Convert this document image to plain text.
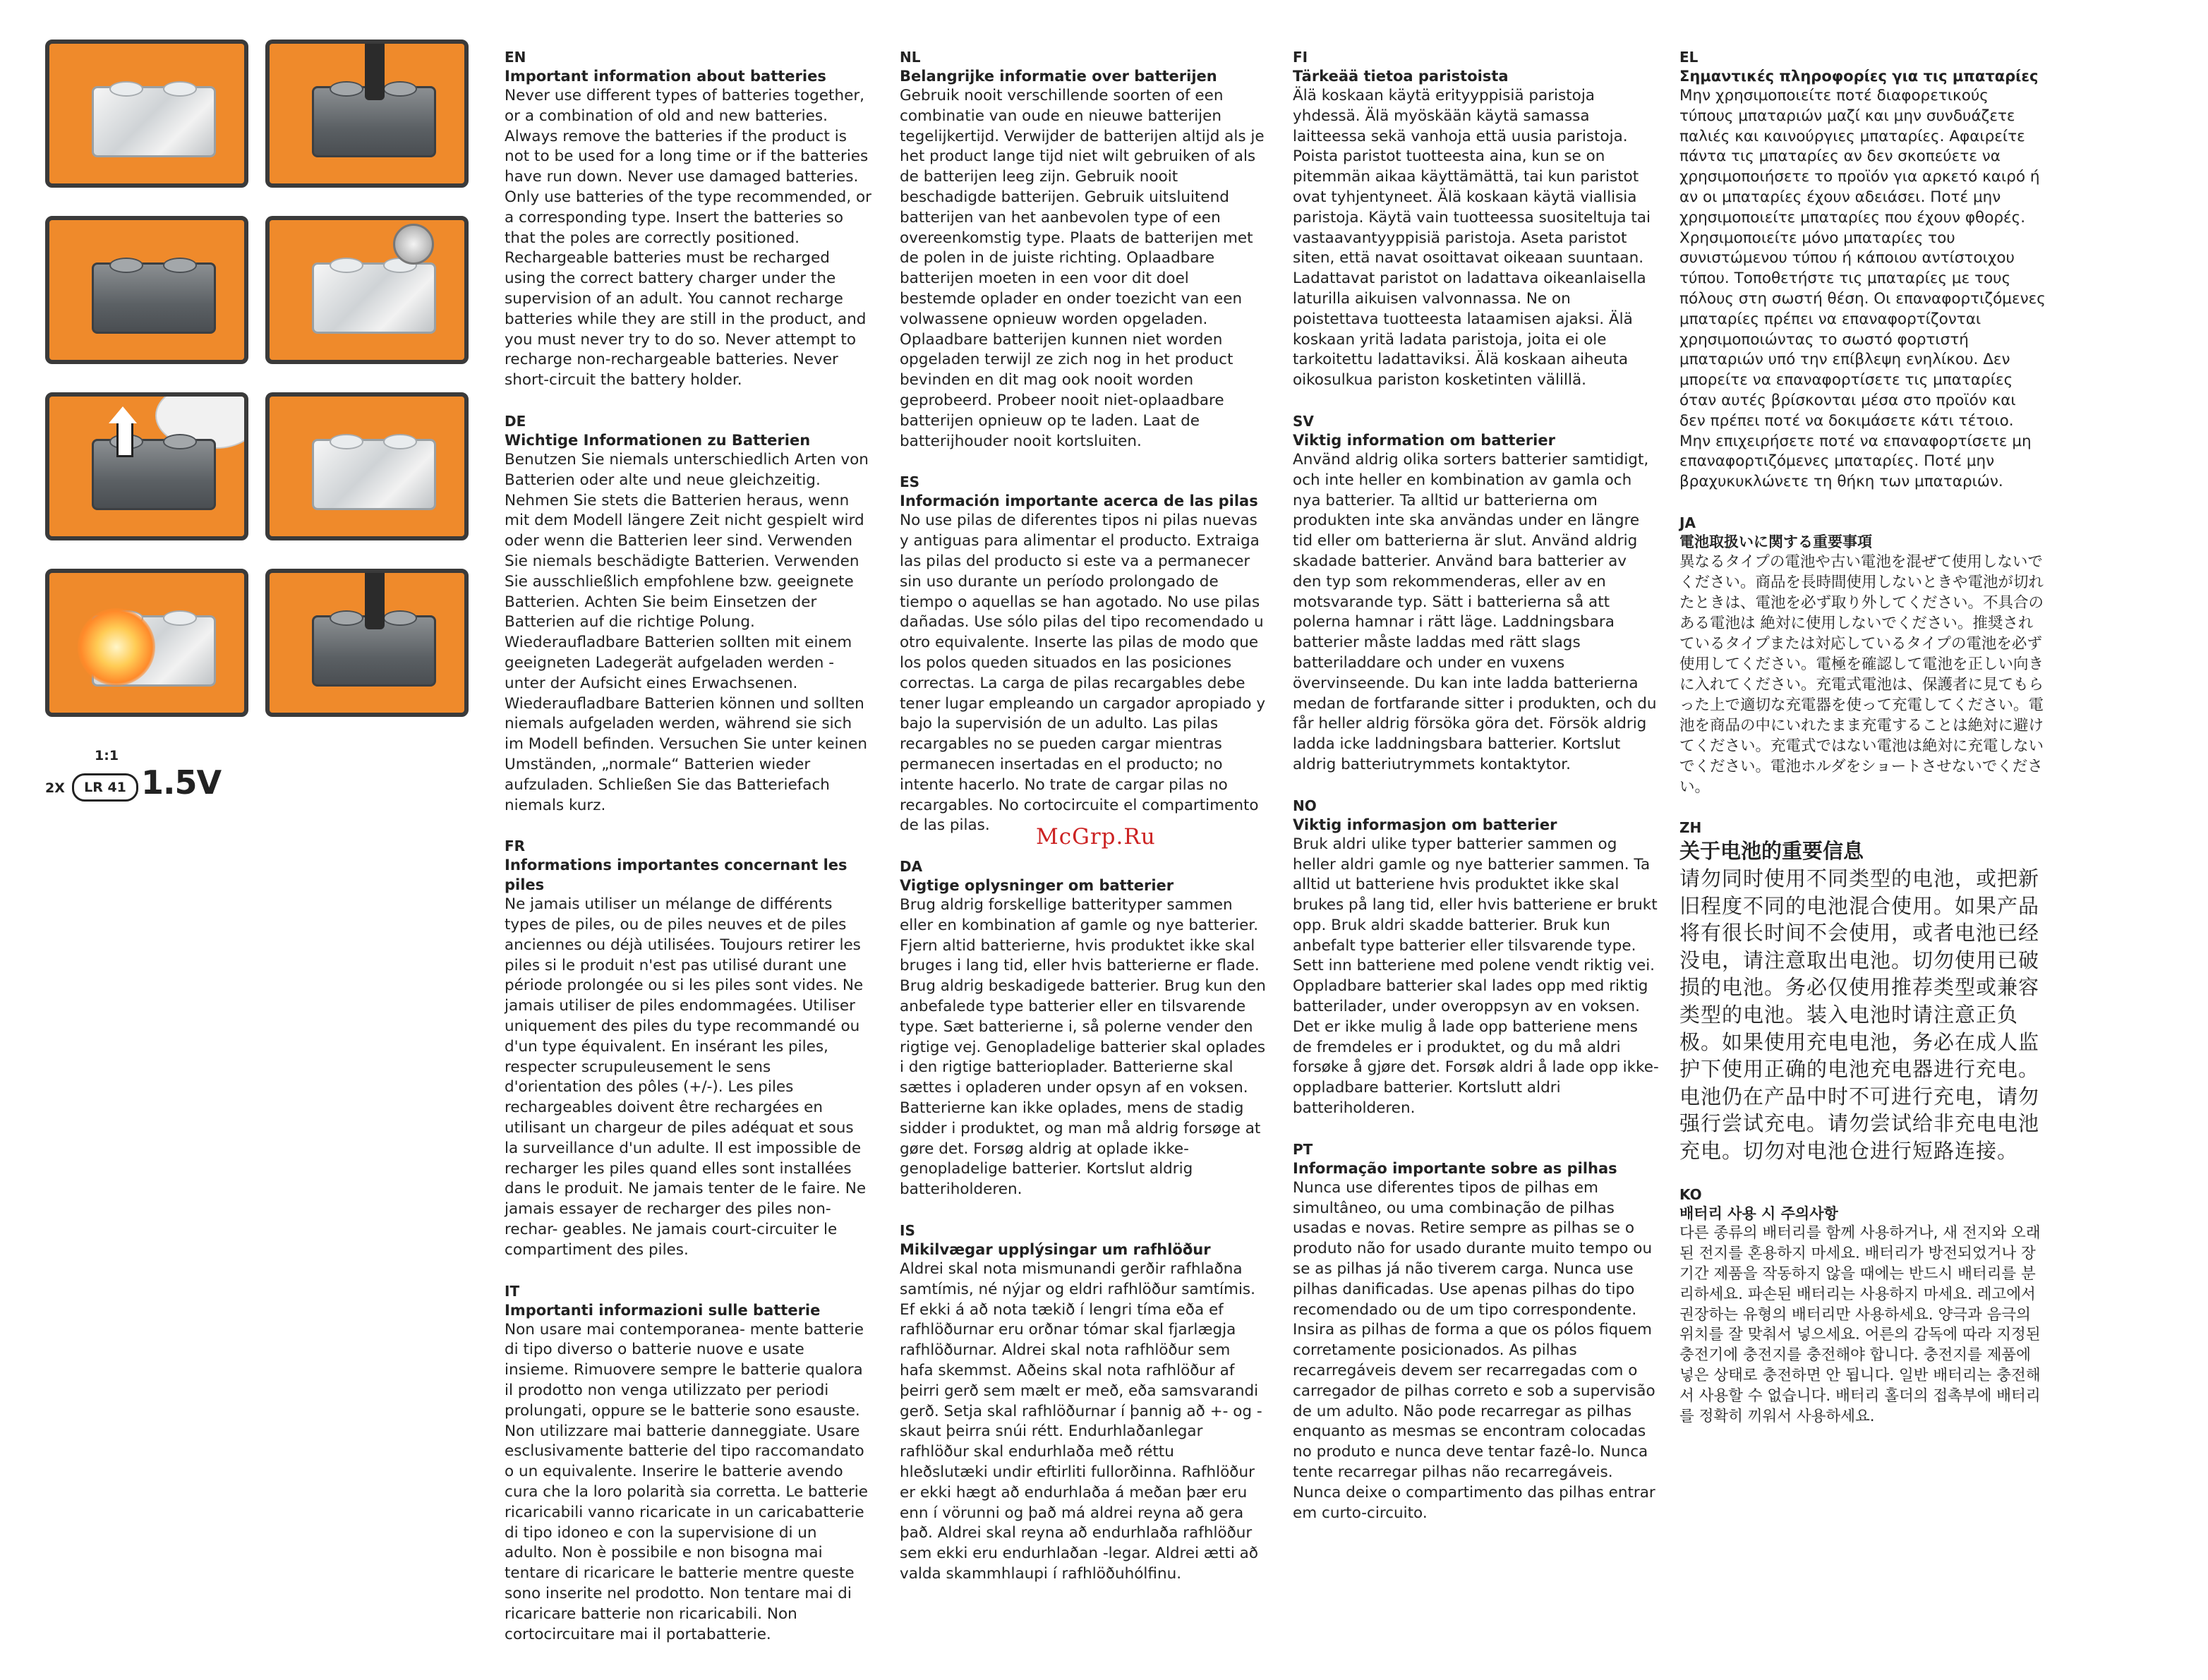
1:1
2X	LR 41 1.5V
EN
Important information about batteries

Never use different types of batteries together, or a combination of old and new batteries. Always remove the batteries if the product is not to be used for a long time or if the batteries have run down. Never use damaged batteries. Only use batteries of the type recommended, or a corresponding type. Insert the batteries so that the poles are correctly positioned. Rechargeable batteries must be recharged using the correct battery charger under the supervision of an adult. You cannot recharge batteries while they are still in the product, and you must never try to do so. Never attempt to recharge non-rechargeable batteries. Never short-circuit the battery holder.

DE
Wichtige Informationen zu Batterien

Benutzen Sie niemals unterschiedlich Arten von Batterien oder alte und neue gleichzeitig. Nehmen Sie stets die Batterien heraus, wenn mit dem Modell längere Zeit nicht gespielt wird oder wenn die Batterien leer sind. Verwenden Sie niemals beschädigte Batterien. Verwenden Sie ausschließlich empfohlene bzw. geeignete Batterien. Achten Sie beim Einsetzen der Batterien auf die richtige Polung. Wiederaufladbare Batterien sollten mit einem geeigneten Ladegerät aufgeladen werden - unter der Aufsicht eines Erwachsenen. Wiederaufladbare Batterien können und sollten niemals aufgeladen werden, während sie sich im Modell befinden. Versuchen Sie unter keinen Umständen, „normale“ Batterien wieder aufzuladen. Schließen Sie das Batteriefach niemals kurz.

FR
Informations importantes concernant les piles

Ne jamais utiliser un mélange de différents types de piles, ou de piles neuves et de piles anciennes ou déjà utilisées. Toujours retirer les piles si le produit n'est pas utilisé durant une période prolongée ou si les piles sont vides. Ne jamais utiliser de piles endommagées. Utiliser uniquement des piles du type recommandé ou d'un type équivalent. En insérant les piles, respecter scrupuleusement le sens d'orientation des pôles (+/-). Les piles rechargeables doivent être rechargées en utilisant un chargeur de piles adéquat et sous la surveillance d'un adulte. Il est impossible de recharger les piles quand elles sont installées dans le produit. Ne jamais tenter de le faire. Ne jamais essayer de recharger des piles non-rechar- geables. Ne jamais court-circuiter le compartiment des piles.

IT
Importanti informazioni sulle batterie

Non usare mai contemporanea- mente batterie di tipo diverso o batterie nuove e usate insieme. Rimuovere sempre le batterie qualora il prodotto non venga utilizzato per periodi prolungati, oppure se le batterie sono esauste. Non utilizzare mai batterie danneggiate. Usare esclusivamente batterie del tipo raccomandato o un equivalente. Inserire le batterie avendo cura che la loro polarità sia corretta. Le batterie ricaricabili vanno ricaricate in un caricabatterie di tipo idoneo e con la supervisione di un adulto. Non è possibile e non bisogna mai tentare di ricaricare le batterie mentre queste sono inserite nel prodotto. Non tentare mai di ricaricare batterie non ricaricabili. Non cortocircuitare mai il portabatterie.

NL
Belangrijke informatie over batterijen

Gebruik nooit verschillende soorten of een combinatie van oude en nieuwe batterijen tegelijkertijd. Verwijder de batterijen altijd als je het product lange tijd niet wilt gebruiken of als de batterijen leeg zijn. Gebruik nooit beschadigde batterijen. Gebruik uitsluitend batterijen van het aanbevolen type of een overeenkomstig type. Plaats de batterijen met de polen in de juiste richting. Oplaadbare batterijen moeten in een voor dit doel bestemde oplader en onder toezicht van een volwassene opnieuw worden opgeladen. Oplaadbare batterijen kunnen niet worden opgeladen terwijl ze zich nog in het product bevinden en dit mag ook nooit worden geprobeerd. Probeer nooit niet-oplaadbare batterijen opnieuw op te laden. Laat de batterijhouder nooit kortsluiten.

ES
Información importante acerca de las pilas

No use pilas de diferentes tipos ni pilas nuevas y antiguas para alimentar el producto. Extraiga las pilas del producto si este va a permanecer sin uso durante un período prolongado de tiempo o aquellas se han agotado. No use pilas dañadas. Use sólo pilas del tipo recomendado u otro equivalente. Inserte las pilas de modo que los polos queden situados en las posiciones correctas. La carga de pilas recargables debe tener lugar empleando un cargador apropiado y bajo la supervisión de un adulto. Las pilas recargables no se pueden cargar mientras permanecen insertadas en el producto; no intente hacerlo. No trate de cargar pilas no recargables. No cortocircuite el compartimento de las pilas.

DA
Vigtige oplysninger om batterier

Brug aldrig forskellige batterityper sammen eller en kombination af gamle og nye batterier. Fjern altid batterierne, hvis produktet ikke skal bruges i lang tid, eller hvis batterierne er flade. Brug aldrig beskadigede batterier. Brug kun den anbefalede type batterier eller en tilsvarende type. Sæt batterierne i, så polerne vender den rigtige vej. Genopladelige batterier skal oplades i den rigtige batterioplader. Batterierne skal sættes i opladeren under opsyn af en voksen. Batterierne kan ikke oplades, mens de stadig sidder i produktet, og man må aldrig forsøge at gøre det. Forsøg aldrig at oplade ikke-genopladelige batterier. Kortslut aldrig batteriholderen.

IS
Mikilvægar upplýsingar um rafhlöður

Aldrei skal nota mismunandi gerðir rafhlaðna samtímis, né nýjar og eldri rafhlöður samtímis. Ef ekki á að nota tækið í lengri tíma eða ef rafhlöðurnar eru orðnar tómar skal fjarlægja rafhlöðurnar. Aldrei skal nota rafhlöður sem hafa skemmst. Aðeins skal nota rafhlöður af þeirri gerð sem mælt er með, eða samsvarandi gerð. Setja skal rafhlöðurnar í þannig að +- og -skaut þeirra snúi rétt. Endurhlaðanlegar rafhlöður skal endurhlaða með réttu hleðslutæki undir eftirliti fullorðinna. Rafhlöður er ekki hægt að endurhlaða á meðan þær eru enn í vörunni og það má aldrei reyna að gera það. Aldrei skal reyna að endurhlaða rafhlöður sem ekki eru endurhlaðan -legar. Aldrei ætti að valda skammhlaupi í rafhlöðuhólfinu.

FI
Tärkeää tietoa paristoista

Älä koskaan käytä erityyppisiä paristoja yhdessä. Älä myöskään käytä samassa laitteessa sekä vanhoja että uusia paristoja. Poista paristot tuotteesta aina, kun se on pitemmän aikaa käyttämättä, tai kun paristot ovat tyhjentyneet. Älä koskaan käytä viallisia paristoja. Käytä vain tuotteessa suositeltuja tai vastaavantyyppisiä paristoja. Aseta paristot siten, että navat osoittavat oikeaan suuntaan. Ladattavat paristot on ladattava oikeanlaisella laturilla aikuisen valvonnassa. Ne on poistettava tuotteesta lataamisen ajaksi. Älä koskaan yritä ladata paristoja, joita ei ole tarkoitettu ladattaviksi. Älä koskaan aiheuta oikosulkua pariston kosketinten välillä.

SV
Viktig information om batterier

Använd aldrig olika sorters batterier samtidigt, och inte heller en kombination av gamla och nya batterier. Ta alltid ur batterierna om produkten inte ska användas under en längre tid eller om batterierna är slut. Använd aldrig skadade batterier. Använd bara batterier av den typ som rekommenderas, eller av en motsvarande typ. Sätt i batterierna så att polerna hamnar i rätt läge. Laddningsbara batterier måste laddas med rätt slags batteriladdare och under en vuxens övervinseende. Du kan inte ladda batterierna medan de fortfarande sitter i produkten, och du får heller aldrig försöka göra det. Försök aldrig ladda icke laddningsbara batterier. Kortslut aldrig batteriutrymmets kontaktytor.

NO
Viktig informasjon om batterier

Bruk aldri ulike typer batterier sammen og heller aldri gamle og nye batterier sammen. Ta alltid ut batteriene hvis produktet ikke skal brukes på lang tid, eller hvis batteriene er brukt opp. Bruk aldri skadde batterier. Bruk kun anbefalt type batterier eller tilsvarende type. Sett inn batteriene med polene vendt riktig vei. Oppladbare batterier skal lades opp med riktig batterilader, under overoppsyn av en voksen. Det er ikke mulig å lade opp batteriene mens de fremdeles er i produktet, og du må aldri forsøke å gjøre det. Forsøk aldri å lade opp ikke-oppladbare batterier. Kortslutt aldri batteriholderen.

PT
Informação importante sobre as pilhas

Nunca use diferentes tipos de pilhas em simultâneo, ou uma combinação de pilhas usadas e novas. Retire sempre as pilhas se o produto não for usado durante muito tempo ou se as pilhas já não tiverem carga. Nunca use pilhas danificadas. Use apenas pilhas do tipo recomendado ou de um tipo correspondente. Insira as pilhas de forma a que os pólos fiquem corretamente posicionados. As pilhas recarregáveis devem ser recarregadas com o carregador de pilhas correto e sob a supervisão de um adulto. Não pode recarregar as pilhas enquanto as mesmas se encontram colocadas no produto e nunca deve tentar fazê-lo. Nunca tente recarregar pilhas não recarregáveis. Nunca deixe o compartimento das pilhas entrar em curto-circuito.

EL
Σημαντικές πληροφορίες για τις μπαταρίες

Μην χρησιμοποιείτε ποτέ διαφορετικούς τύπους μπαταριών μαζί και μην συνδυάζετε παλιές και καινούργιες μπαταρίες. Αφαιρείτε πάντα τις μπαταρίες αν δεν σκοπεύετε να χρησιμοποιήσετε το προϊόν για αρκετό καιρό ή αν οι μπαταρίες έχουν αδειάσει. Ποτέ μην χρησιμοποιείτε μπαταρίες που έχουν φθορές. Χρησιμοποιείτε μόνο μπαταρίες του συνιστώμενου τύπου ή κάποιου αντίστοιχου τύπου. Τοποθετήστε τις μπαταρίες με τους πόλους στη σωστή θέση. Οι επαναφορτιζόμενες μπαταρίες πρέπει να επαναφορτίζονται χρησιμοποιώντας το σωστό φορτιστή μπαταριών υπό την επίβλεψη ενηλίκου. Δεν μπορείτε να επαναφορτίσετε τις μπαταρίες όταν αυτές βρίσκονται μέσα στο προϊόν και δεν πρέπει ποτέ να δοκιμάσετε κάτι τέτοιο. Μην επιχειρήσετε ποτέ να επαναφορτίσετε μη επαναφορτιζόμενες μπαταρίες. Ποτέ μην βραχυκυκλώνετε τη θήκη των μπαταριών.

JA
電池取扱いに関する重要事項

異なるタイプの電池や古い電池を混ぜて使用しないでください。商品を長時間使用しないときや電池が切れたときは、電池を必ず取り外してください。不具合のある電池は 絶対に使用しないでください。推奨されているタイプまたは対応しているタイプの電池を必ず使用してください。電極を確認して電池を正しい向きに入れてください。充電式電池は、保護者に見てもらった上で適切な充電器を使って充電してください。電池を商品の中にいれたまま充電することは絶対に避けてください。充電式ではない電池は絶対に充電しないでください。電池ホルダをショートさせないでください。

ZH
关于电池的重要信息

请勿同时使用不同类型的电池，或把新旧程度不同的电池混合使用。如果产品将有很长时间不会使用，或者电池已经没电，请注意取出电池。切勿使用已破损的电池。务必仅使用推荐类型或兼容类型的电池。装入电池时请注意正负极。如果使用充电电池，务必在成人监护下使用正确的电池充电器进行充电。电池仍在产品中时不可进行充电，请勿强行尝试充电。请勿尝试给非充电电池充电。切勿对电池仓进行短路连接。

KO
배터리 사용 시 주의사항

다른 종류의 배터리를 함께 사용하거나, 새 전지와 오래된 전지를 혼용하지 마세요. 배터리가 방전되었거나 장기간 제품을 작동하지 않을 때에는 반드시 배터리를 분리하세요. 파손된 배터리는 사용하지 마세요. 레고에서 권장하는 유형의 배터리만 사용하세요. 양극과 음극의 위치를 잘 맞춰서 넣으세요. 어른의 감독에 따라 지정된 충전기에 충전지를 충전해야 합니다. 충전지를 제품에 넣은 상태로 충전하면 안 됩니다. 일반 배터리는 충전해서 사용할 수 없습니다. 배터리 홀더의 접촉부에 배터리를 정확히 끼워서 사용하세요.

McGrp.Ru
